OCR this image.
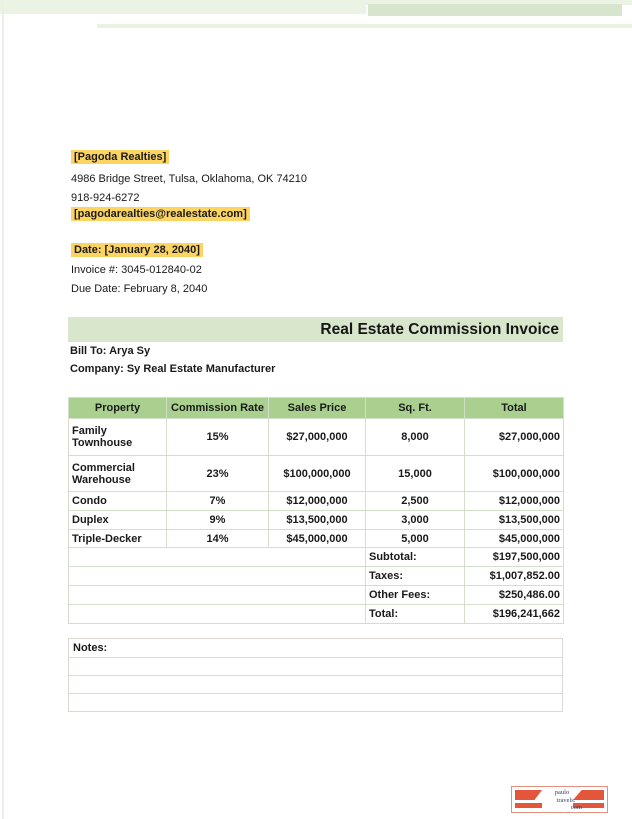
[Pagoda Realties]
4986 Bridge Street, Tulsa, Oklahoma, OK 74210
918-924-6272
[pagodarealties@realestate.com]
Date: [January 28, 2040]
Invoice #: 3045-012840-02
Due Date: February 8, 2040
Real Estate Commission Invoice
Bill To: Arya Sy
Company: Sy Real Estate Manufacturer
Property	Commission Rate	Sales Price	Sq. Ft.	Total
Family Townhouse	15%	$27,000,000	8,000	$27,000,000
Commercial Warehouse	23%	$100,000,000	15,000	$100,000,000
Condo	7%	$12,000,000	2,500	$12,000,000
Duplex	9%	$13,500,000	3,000	$13,500,000
Triple-Decker	14%	$45,000,000	5,000	$45,000,000
			Subtotal:	$197,500,000
			Taxes:	$1,007,852.00
			Other Fees:	$250,486.00
			Total:	$196,241,662
Notes:

paulo
travels.
com
